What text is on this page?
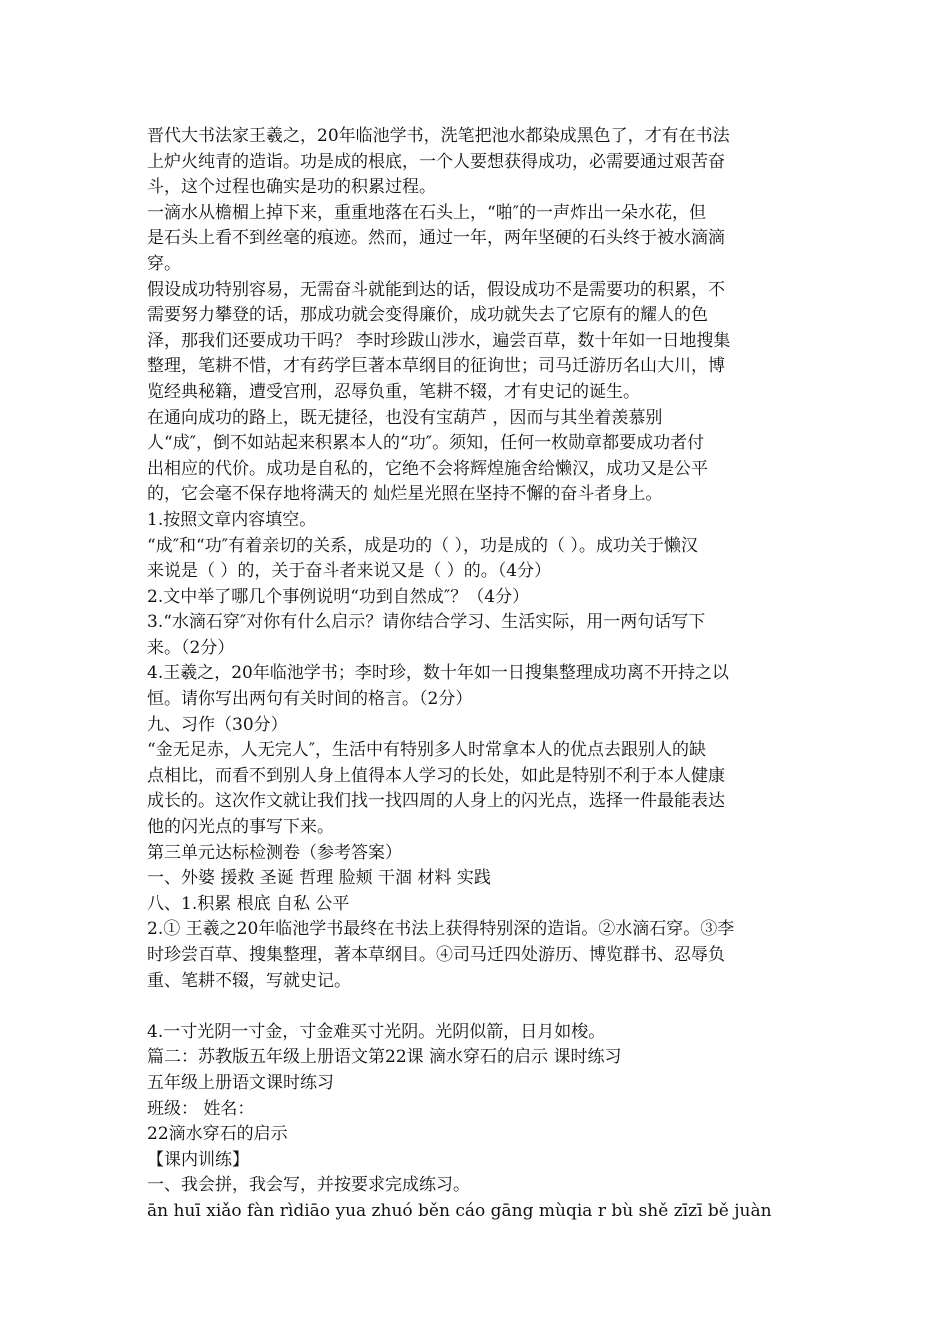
晋代大书法家王羲之，20年临池学书，洗笔把池水都染成黑色了，才有在书法
上炉火纯青的造诣。功是成的根底，一个人要想获得成功，必需要通过艰苦奋
斗，这个过程也确实是功的积累过程。
一滴水从檐楣上掉下来，重重地落在石头上，“啪″的一声炸出一朵水花，但
是石头上看不到丝毫的痕迹。然而，通过一年，两年坚硬的石头终于被水滴滴
穿。
假设成功特别容易，无需奋斗就能到达的话，假设成功不是需要功的积累，不
需要努力攀登的话，那成功就会变得廉价，成功就失去了它原有的耀人的色
泽，那我们还要成功干吗？ 李时珍跋山涉水，遍尝百草，数十年如一日地搜集
整理，笔耕不惜，才有药学巨著本草纲目的征询世；司马迁游历名山大川，博
览经典秘籍，遭受宫刑，忍辱负重，笔耕不辍，才有史记的诞生。
在通向成功的路上，既无捷径，也没有宝葫芦 ，因而与其坐着羡慕别
人“成″，倒不如站起来积累本人的“功″。须知，任何一枚勋章都要成功者付
出相应的代价。成功是自私的，它绝不会将辉煌施舍给懒汉，成功又是公平
的，它会毫不保存地将满天的 灿烂星光照在坚持不懈的奋斗者身上。
1.按照文章内容填空。
“成″和“功″有着亲切的关系，成是功的（ ），功是成的（ ）。成功关于懒汉
来说是（ ）的，关于奋斗者来说又是（ ）的。（4分）
2.文中举了哪几个事例说明“功到自然成″？（4分）
3.“水滴石穿″对你有什么启示？请你结合学习、生活实际，用一两句话写下
来。（2分）
4.王羲之，20年临池学书；李时珍，数十年如一日搜集整理成功离不开持之以
恒。请你写出两句有关时间的格言。（2分）
九、习作（30分）
“金无足赤，人无完人″，生活中有特别多人时常拿本人的优点去跟别人的缺
点相比，而看不到别人身上值得本人学习的长处，如此是特别不利于本人健康
成长的。这次作文就让我们找一找四周的人身上的闪光点，选择一件最能表达
他的闪光点的事写下来。
第三单元达标检测卷（参考答案）
一、外婆 援救 圣诞 哲理 脸颊 干涸 材料 实践
八、1.积累 根底 自私 公平
2.① 王羲之20年临池学书最终在书法上获得特别深的造诣。②水滴石穿。③李
时珍尝百草、搜集整理，著本草纲目。④司马迁四处游历、博览群书、忍辱负
重、笔耕不辍，写就史记。
4.一寸光阴一寸金，寸金难买寸光阴。光阴似箭，日月如梭。
篇二：苏教版五年级上册语文第22课 滴水穿石的启示 课时练习
五年级上册语文课时练习
班级： 姓名：
22滴水穿石的启示
【课内训练】
一、我会拼，我会写，并按要求完成练习。
ān huī xiǎo fàn rìdiāo yua zhuó běn cáo gāng mùqia r bù shě zīzī bě juàn
